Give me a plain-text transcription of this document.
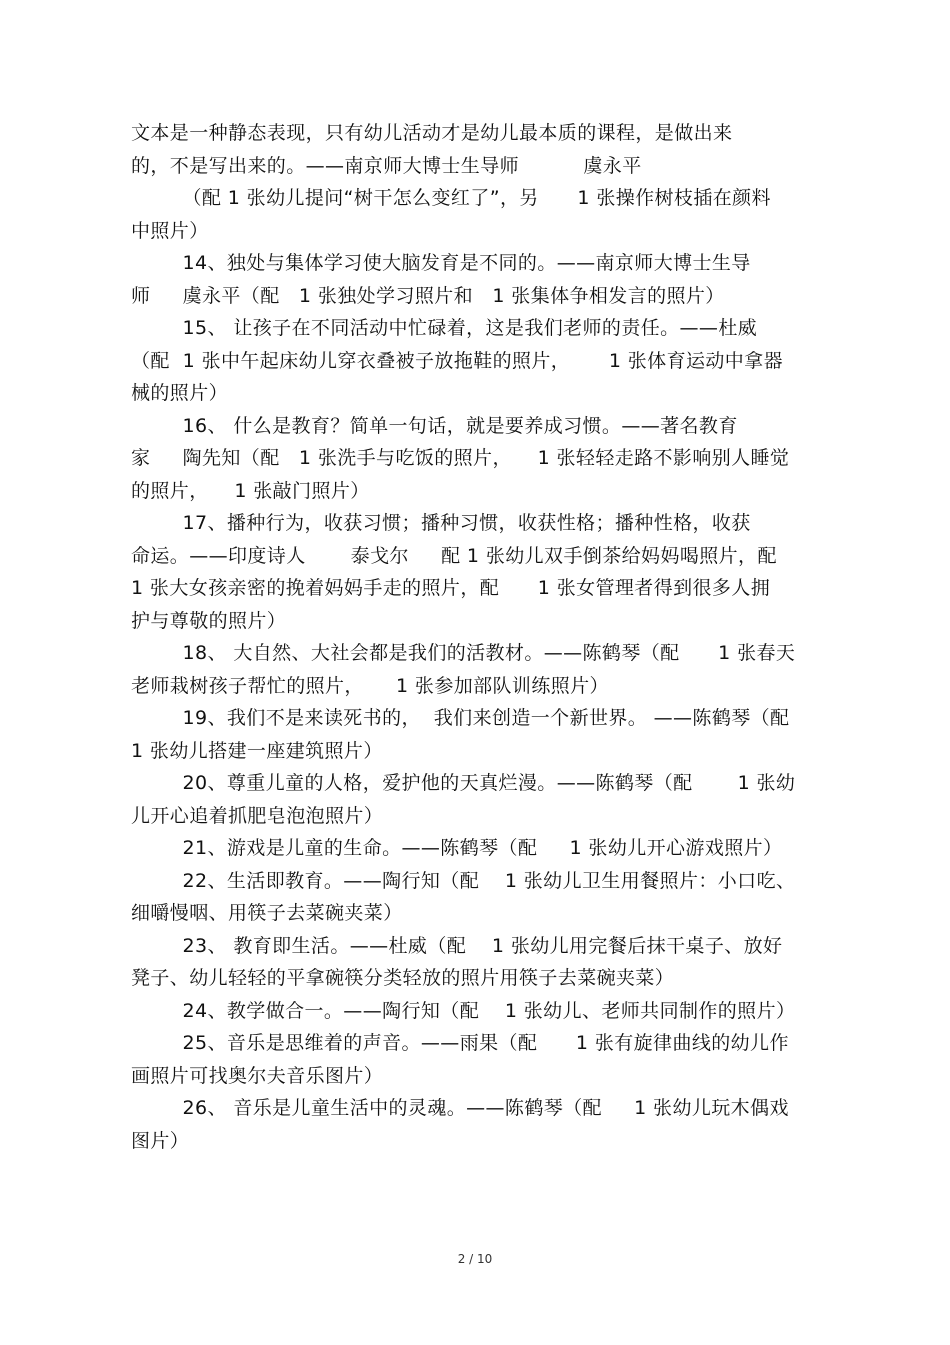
文本是一种静态表现，只有幼儿活动才是幼儿最本质的课程，是做出来
的，不是写出来的。——南京师大博士生导师          虞永平
（配 1 张幼儿提问“树干怎么变红了”，另      1 张操作树枝插在颜料
中照片）
14、独处与集体学习使大脑发育是不同的。——南京师大博士生导
师     虞永平（配   1 张独处学习照片和   1 张集体争相发言的照片）
15、 让孩子在不同活动中忙碌着，这是我们老师的责任。——杜威
（配  1 张中午起床幼儿穿衣叠被子放拖鞋的照片，      1 张体育运动中拿器
械的照片）
16、 什么是教育？简单一句话，就是要养成习惯。——著名教育
家     陶先知（配   1 张洗手与吃饭的照片，    1 张轻轻走路不影响别人睡觉
的照片，    1 张敲门照片）
17、播种行为，收获习惯；播种习惯，收获性格；播种性格，收获
命运。——印度诗人       泰戈尔     配 1 张幼儿双手倒茶给妈妈喝照片，配
1 张大女孩亲密的挽着妈妈手走的照片，配      1 张女管理者得到很多人拥
护与尊敬的照片）
18、 大自然、大社会都是我们的活教材。——陈鹤琴（配      1 张春天
老师栽树孩子帮忙的照片，     1 张参加部队训练照片）
19、我们不是来读死书的，  我们来创造一个新世界。 ——陈鹤琴（配
1 张幼儿搭建一座建筑照片）
20、尊重儿童的人格，爱护他的天真烂漫。——陈鹤琴（配       1 张幼
儿开心追着抓肥皂泡泡照片）
21、游戏是儿童的生命。——陈鹤琴（配     1 张幼儿开心游戏照片）
22、生活即教育。——陶行知（配    1 张幼儿卫生用餐照片：小口吃、
细嚼慢咽、用筷子去菜碗夹菜）
23、 教育即生活。——杜威（配    1 张幼儿用完餐后抹干桌子、放好
凳子、幼儿轻轻的平拿碗筷分类轻放的照片用筷子去菜碗夹菜）
24、教学做合一。——陶行知（配    1 张幼儿、老师共同制作的照片）
25、音乐是思维着的声音。——雨果（配      1 张有旋律曲线的幼儿作
画照片可找奥尔夫音乐图片）
26、 音乐是儿童生活中的灵魂。——陈鹤琴（配     1 张幼儿玩木偶戏
图片）
2 / 10
